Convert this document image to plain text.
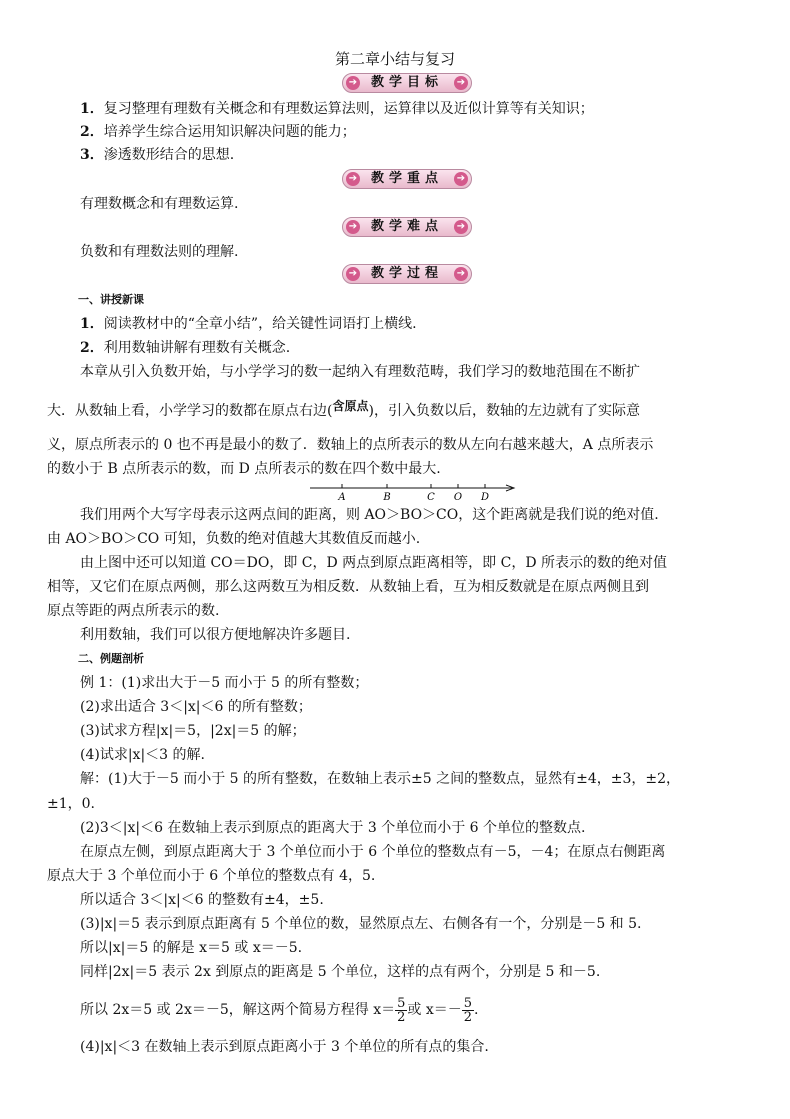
第二章小结与复习
➔	教学目标	➔
1．复习整理有理数有关概念和有理数运算法则，运算律以及近似计算等有关知识；
2．培养学生综合运用知识解决问题的能力；
3．渗透数形结合的思想.
➔	教学重点	➔
有理数概念和有理数运算.
➔	教学难点	➔
负数和有理数法则的理解.
➔	教学过程	➔
一、讲授新课
1．阅读教材中的“全章小结”，给关键性词语打上横线.
2．利用数轴讲解有理数有关概念.
本章从引入负数开始，与小学学习的数一起纳入有理数范畴，我们学习的数地范围在不断扩
大．从数轴上看，小学学习的数都在原点右边(含原点)，引入负数以后，数轴的左边就有了实际意
义，原点所表示的 0 也不再是最小的数了．数轴上的点所表示的数从左向右越来越大，A 点所表示
的数小于 B 点所表示的数，而 D 点所表示的数在四个数中最大.
A	B	C O D
我们用两个大写字母表示这两点间的距离，则 AO＞BO＞CO，这个距离就是我们说的绝对值.
由 AO＞BO＞CO 可知，负数的绝对值越大其数值反而越小.
由上图中还可以知道 CO＝DO，即 C，D 两点到原点距离相等，即 C，D 所表示的数的绝对值
相等，又它们在原点两侧，那么这两数互为相反数．从数轴上看，互为相反数就是在原点两侧且到
原点等距的两点所表示的数.
利用数轴，我们可以很方便地解决许多题目.
二、例题剖析
例 1：(1)求出大于－5 而小于 5 的所有整数；
(2)求出适合 3＜|x|＜6 的所有整数；
(3)试求方程|x|＝5，|2x|＝5 的解；
(4)试求|x|＜3 的解.
解：(1)大于－5 而小于 5 的所有整数，在数轴上表示±5 之间的整数点，显然有±4，±3，±2，
±1，0.
(2)3＜|x|＜6 在数轴上表示到原点的距离大于 3 个单位而小于 6 个单位的整数点.
在原点左侧，到原点距离大于 3 个单位而小于 6 个单位的整数点有－5，－4；在原点右侧距离
原点大于 3 个单位而小于 6 个单位的整数点有 4，5.
所以适合 3＜|x|＜6 的整数有±4，±5.
(3)|x|＝5 表示到原点距离有 5 个单位的数，显然原点左、右侧各有一个，分别是－5 和 5.
所以|x|＝5 的解是 x＝5 或 x＝－5.
同样|2x|＝5 表示 2x 到原点的距离是 5 个单位，这样的点有两个，分别是 5 和－5.
所以 2x＝5 或 2x＝－5，解这两个简易方程得 $x= \frac{5}{2}$ 或 $x=- \frac{5}{2}$ .
(4)|x|＜3 在数轴上表示到原点距离小于 3 个单位的所有点的集合.
